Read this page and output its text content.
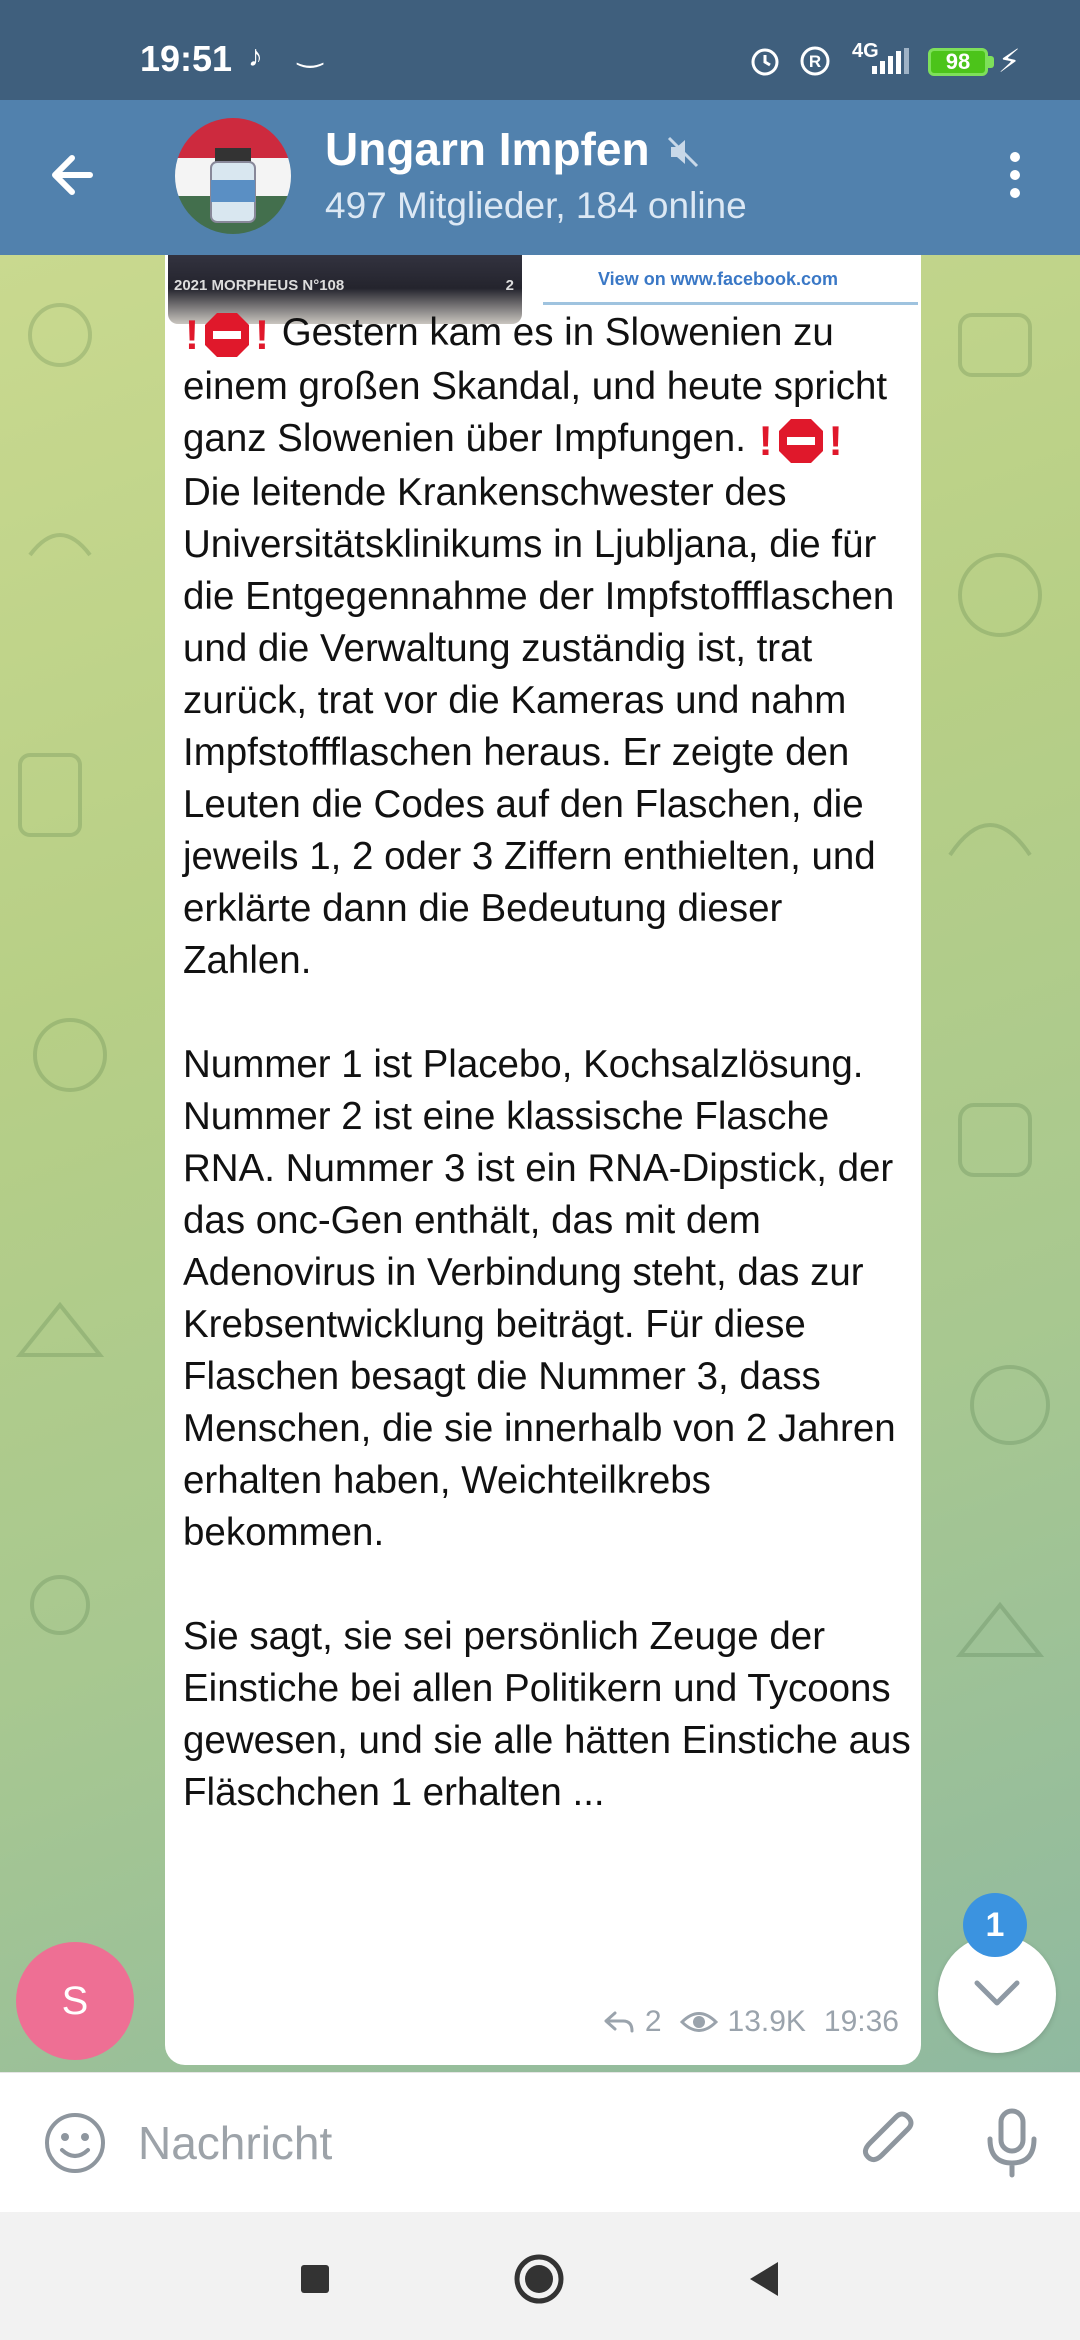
19:51 ♪ ‿	R 4G	98 ⚡
Ungarn Impfen
497 Mitglieder, 184 online
2021 MORPHEUS N°108	2	View on www.facebook.com
! ! Gestern kam es in Slowenien zu einem großen Skandal, und heute spricht ganz Slowenien über Impfungen. ! !
Die leitende Krankenschwester des Universitätsklinikums in Ljubljana, die für die Entgegennahme der Impfstoffflaschen und die Verwaltung zuständig ist, trat zurück, trat vor die Kameras und nahm Impfstoffflaschen heraus. Er zeigte den Leuten die Codes auf den Flaschen, die jeweils 1, 2 oder 3 Ziffern enthielten, und erklärte dann die Bedeutung dieser Zahlen.

Nummer 1 ist Placebo, Kochsalzlösung. Nummer 2 ist eine klassische Flasche RNA. Nummer 3 ist ein RNA-Dipstick, der das onc-Gen enthält, das mit dem Adenovirus in Verbindung steht, das zur Krebsentwicklung beiträgt. Für diese Flaschen besagt die Nummer 3, dass Menschen, die sie innerhalb von 2 Jahren erhalten haben, Weichteilkrebs bekommen.

Sie sagt, sie sei persönlich Zeuge der Einstiche bei allen Politikern und Tycoons gewesen, und sie alle hätten Einstiche aus Fläschchen 1 erhalten ...
2 13.9K 19:36
S
1
Nachricht
